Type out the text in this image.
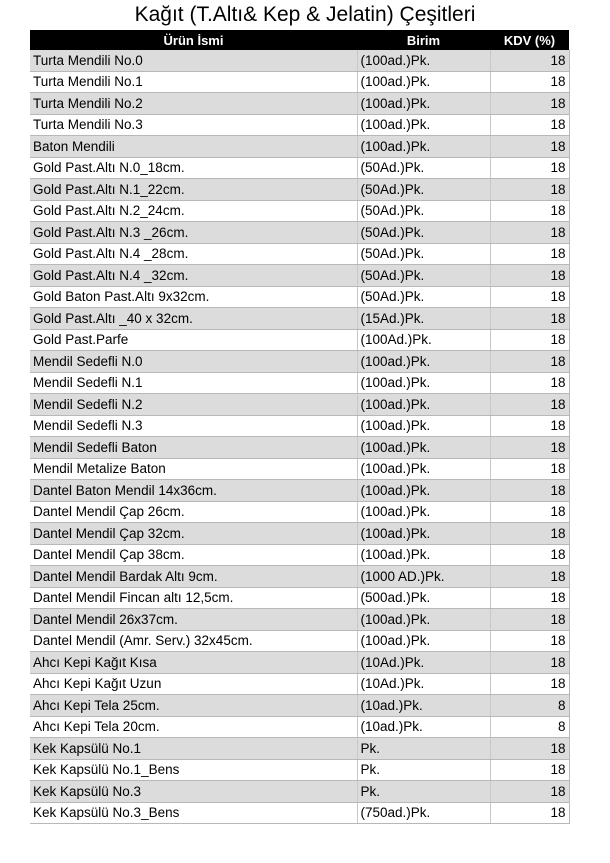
Kağıt (T.Altı& Kep & Jelatin) Çeşitleri
Ürün İsmi	Birim	KDV (%)
Turta Mendili No.0	(100ad.)Pk.	18
Turta Mendili No.1	(100ad.)Pk.	18
Turta Mendili No.2	(100ad.)Pk.	18
Turta Mendili No.3	(100ad.)Pk.	18
Baton Mendili	(100ad.)Pk.	18
Gold Past.Altı N.0_18cm.	(50Ad.)Pk.	18
Gold Past.Altı N.1_22cm.	(50Ad.)Pk.	18
Gold Past.Altı N.2_24cm.	(50Ad.)Pk.	18
Gold Past.Altı N.3 _26cm.	(50Ad.)Pk.	18
Gold Past.Altı N.4 _28cm.	(50Ad.)Pk.	18
Gold Past.Altı N.4 _32cm.	(50Ad.)Pk.	18
Gold Baton Past.Altı 9x32cm.	(50Ad.)Pk.	18
Gold Past.Altı _40 x 32cm.	(15Ad.)Pk.	18
Gold Past.Parfe	(100Ad.)Pk.	18
Mendil Sedefli N.0	(100ad.)Pk.	18
Mendil Sedefli N.1	(100ad.)Pk.	18
Mendil Sedefli N.2	(100ad.)Pk.	18
Mendil Sedefli N.3	(100ad.)Pk.	18
Mendil Sedefli Baton	(100ad.)Pk.	18
Mendil Metalize Baton	(100ad.)Pk.	18
Dantel Baton Mendil 14x36cm.	(100ad.)Pk.	18
Dantel Mendil Çap 26cm.	(100ad.)Pk.	18
Dantel Mendil Çap 32cm.	(100ad.)Pk.	18
Dantel Mendil Çap 38cm.	(100ad.)Pk.	18
Dantel Mendil Bardak Altı 9cm.	(1000 AD.)Pk.	18
Dantel Mendil Fincan altı 12,5cm.	(500ad.)Pk.	18
Dantel Mendil 26x37cm.	(100ad.)Pk.	18
Dantel Mendil (Amr. Serv.) 32x45cm.	(100ad.)Pk.	18
Ahcı Kepi Kağıt Kısa	(10Ad.)Pk.	18
Ahcı Kepi Kağıt Uzun	(10Ad.)Pk.	18
Ahcı Kepi Tela 25cm.	(10ad.)Pk.	8
Ahcı Kepi Tela 20cm.	(10ad.)Pk.	8
Kek Kapsülü No.1	Pk.	18
Kek Kapsülü No.1_Bens	Pk.	18
Kek Kapsülü No.3	Pk.	18
Kek Kapsülü No.3_Bens	(750ad.)Pk.	18
